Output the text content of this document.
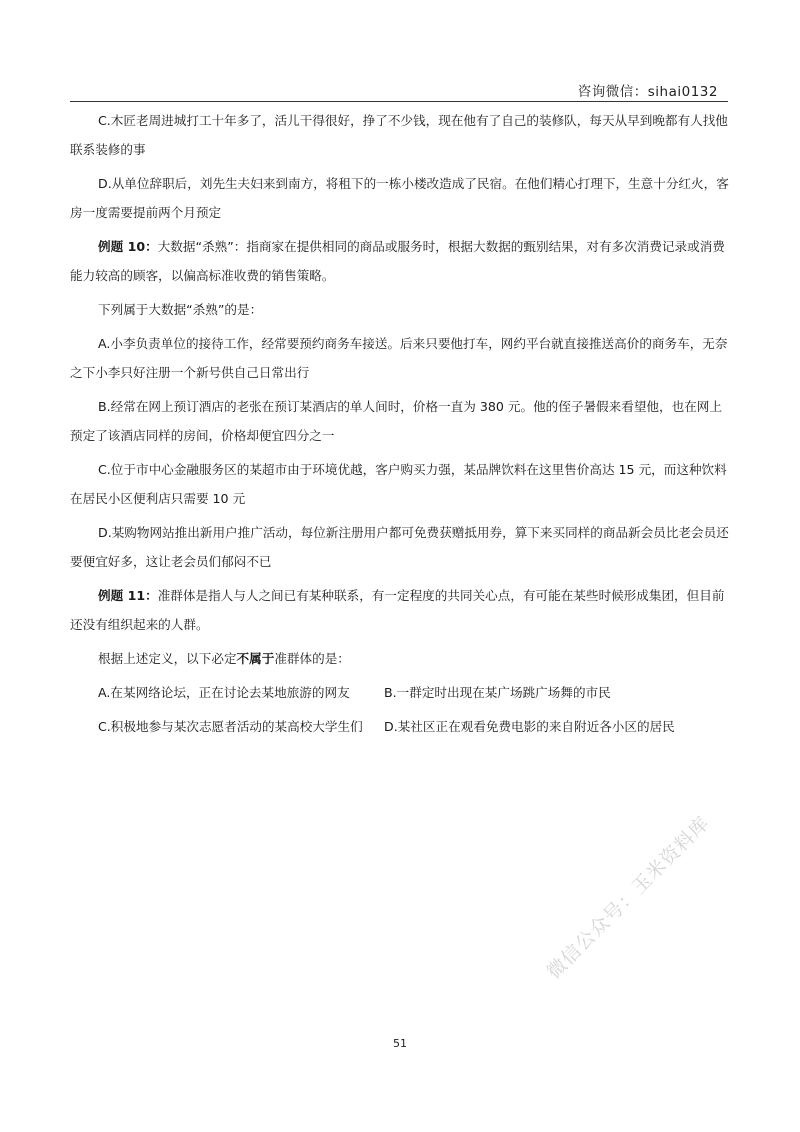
咨询微信：sihai0132

C.木匠老周进城打工十年多了，活儿干得很好，挣了不少钱，现在他有了自己的装修队，每天从早到晚都有人找他联系装修的事

D.从单位辞职后，刘先生夫妇来到南方，将租下的一栋小楼改造成了民宿。在他们精心打理下，生意十分红火，客房一度需要提前两个月预定

例题 10：大数据“杀熟”：指商家在提供相同的商品或服务时，根据大数据的甄别结果，对有多次消费记录或消费能力较高的顾客，以偏高标准收费的销售策略。

下列属于大数据“杀熟”的是：

A.小李负责单位的接待工作，经常要预约商务车接送。后来只要他打车，网约平台就直接推送高价的商务车，无奈之下小李只好注册一个新号供自己日常出行

B.经常在网上预订酒店的老张在预订某酒店的单人间时，价格一直为 380 元。他的侄子暑假来看望他，也在网上预定了该酒店同样的房间，价格却便宜四分之一

C.位于市中心金融服务区的某超市由于环境优越，客户购买力强，某品牌饮料在这里售价高达 15 元，而这种饮料在居民小区便利店只需要 10 元

D.某购物网站推出新用户推广活动，每位新注册用户都可免费获赠抵用券，算下来买同样的商品新会员比老会员还要便宜好多，这让老会员们郁闷不已

例题 11：准群体是指人与人之间已有某种联系，有一定程度的共同关心点，有可能在某些时候形成集团，但目前还没有组织起来的人群。

根据上述定义，以下必定不属于准群体的是：

A.在某网络论坛，正在讨论去某地旅游的网友	B.一群定时出现在某广场跳广场舞的市民
C.积极地参与某次志愿者活动的某高校大学生们	D.某社区正在观看免费电影的来自附近各小区的居民
51
微信公众号：玉米资料库
